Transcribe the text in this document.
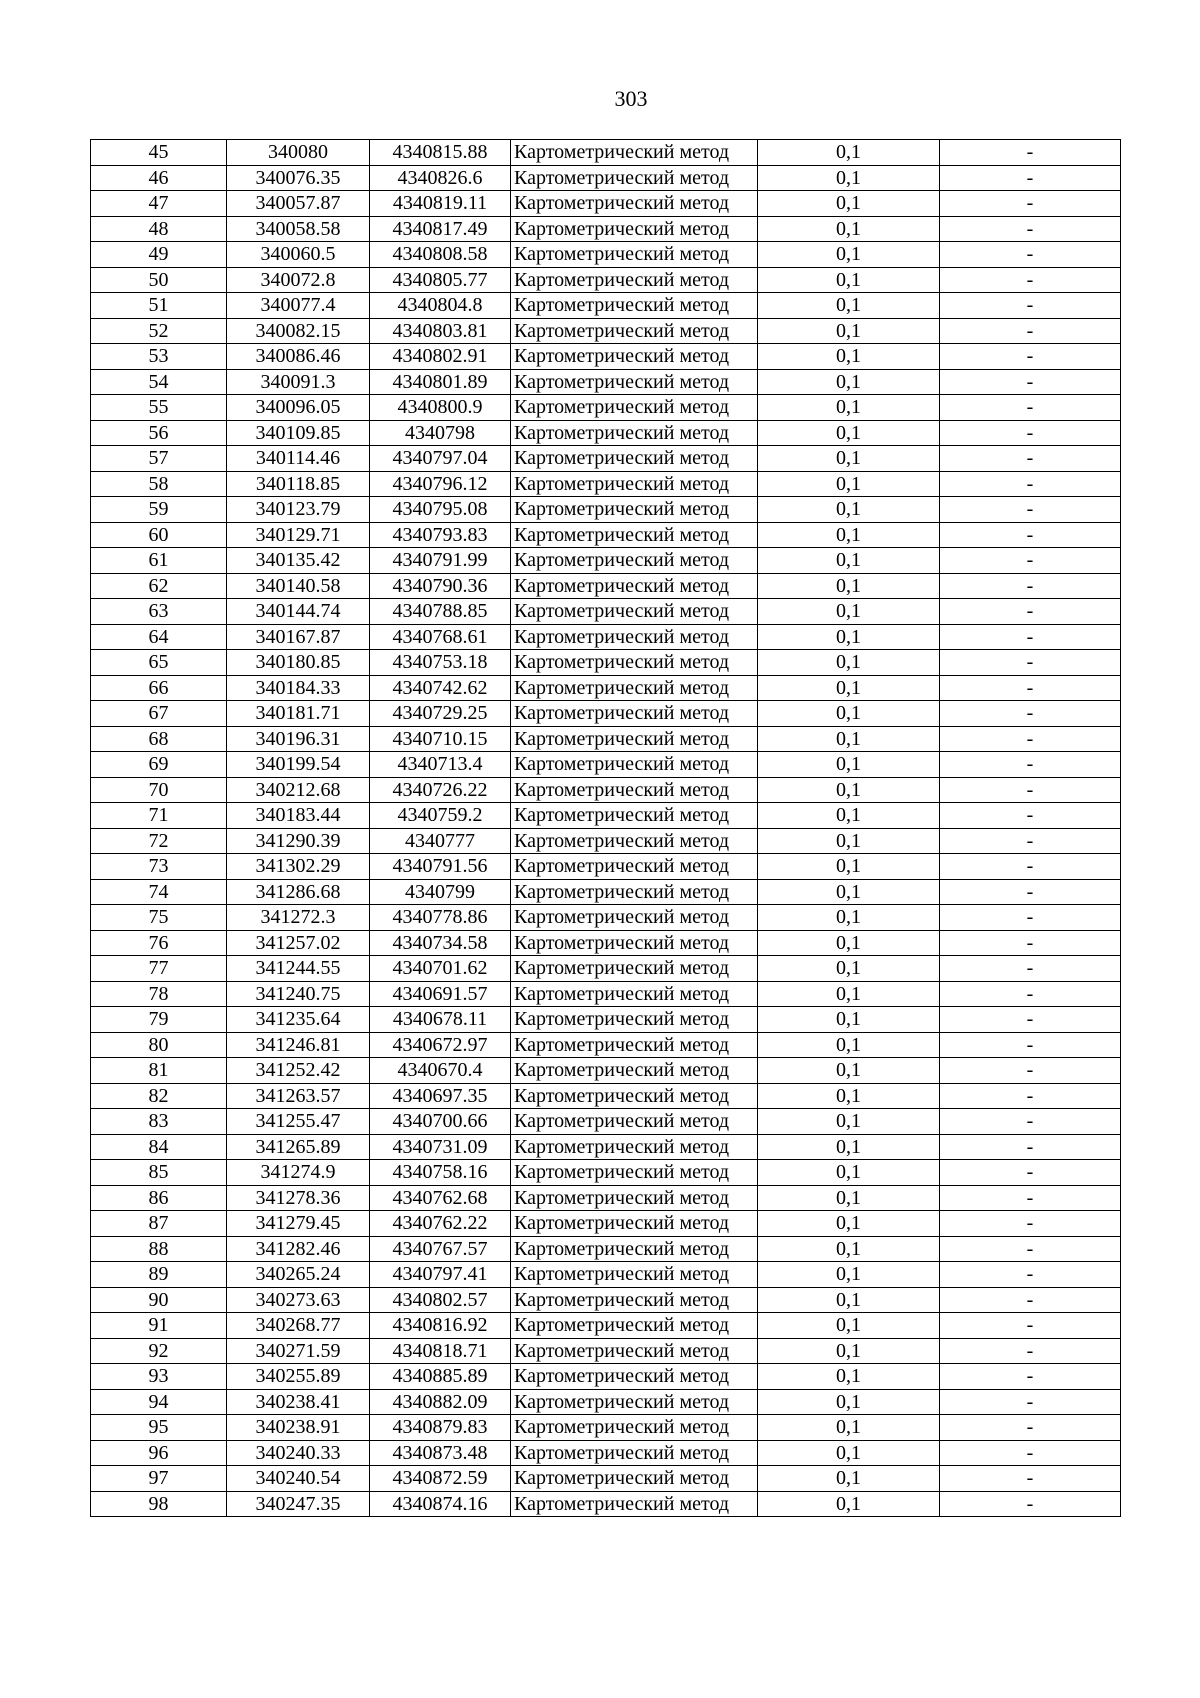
303
45	340080	4340815.88	Картометрический метод	0,1	-
46	340076.35	4340826.6	Картометрический метод	0,1	-
47	340057.87	4340819.11	Картометрический метод	0,1	-
48	340058.58	4340817.49	Картометрический метод	0,1	-
49	340060.5	4340808.58	Картометрический метод	0,1	-
50	340072.8	4340805.77	Картометрический метод	0,1	-
51	340077.4	4340804.8	Картометрический метод	0,1	-
52	340082.15	4340803.81	Картометрический метод	0,1	-
53	340086.46	4340802.91	Картометрический метод	0,1	-
54	340091.3	4340801.89	Картометрический метод	0,1	-
55	340096.05	4340800.9	Картометрический метод	0,1	-
56	340109.85	4340798	Картометрический метод	0,1	-
57	340114.46	4340797.04	Картометрический метод	0,1	-
58	340118.85	4340796.12	Картометрический метод	0,1	-
59	340123.79	4340795.08	Картометрический метод	0,1	-
60	340129.71	4340793.83	Картометрический метод	0,1	-
61	340135.42	4340791.99	Картометрический метод	0,1	-
62	340140.58	4340790.36	Картометрический метод	0,1	-
63	340144.74	4340788.85	Картометрический метод	0,1	-
64	340167.87	4340768.61	Картометрический метод	0,1	-
65	340180.85	4340753.18	Картометрический метод	0,1	-
66	340184.33	4340742.62	Картометрический метод	0,1	-
67	340181.71	4340729.25	Картометрический метод	0,1	-
68	340196.31	4340710.15	Картометрический метод	0,1	-
69	340199.54	4340713.4	Картометрический метод	0,1	-
70	340212.68	4340726.22	Картометрический метод	0,1	-
71	340183.44	4340759.2	Картометрический метод	0,1	-
72	341290.39	4340777	Картометрический метод	0,1	-
73	341302.29	4340791.56	Картометрический метод	0,1	-
74	341286.68	4340799	Картометрический метод	0,1	-
75	341272.3	4340778.86	Картометрический метод	0,1	-
76	341257.02	4340734.58	Картометрический метод	0,1	-
77	341244.55	4340701.62	Картометрический метод	0,1	-
78	341240.75	4340691.57	Картометрический метод	0,1	-
79	341235.64	4340678.11	Картометрический метод	0,1	-
80	341246.81	4340672.97	Картометрический метод	0,1	-
81	341252.42	4340670.4	Картометрический метод	0,1	-
82	341263.57	4340697.35	Картометрический метод	0,1	-
83	341255.47	4340700.66	Картометрический метод	0,1	-
84	341265.89	4340731.09	Картометрический метод	0,1	-
85	341274.9	4340758.16	Картометрический метод	0,1	-
86	341278.36	4340762.68	Картометрический метод	0,1	-
87	341279.45	4340762.22	Картометрический метод	0,1	-
88	341282.46	4340767.57	Картометрический метод	0,1	-
89	340265.24	4340797.41	Картометрический метод	0,1	-
90	340273.63	4340802.57	Картометрический метод	0,1	-
91	340268.77	4340816.92	Картометрический метод	0,1	-
92	340271.59	4340818.71	Картометрический метод	0,1	-
93	340255.89	4340885.89	Картометрический метод	0,1	-
94	340238.41	4340882.09	Картометрический метод	0,1	-
95	340238.91	4340879.83	Картометрический метод	0,1	-
96	340240.33	4340873.48	Картометрический метод	0,1	-
97	340240.54	4340872.59	Картометрический метод	0,1	-
98	340247.35	4340874.16	Картометрический метод	0,1	-
